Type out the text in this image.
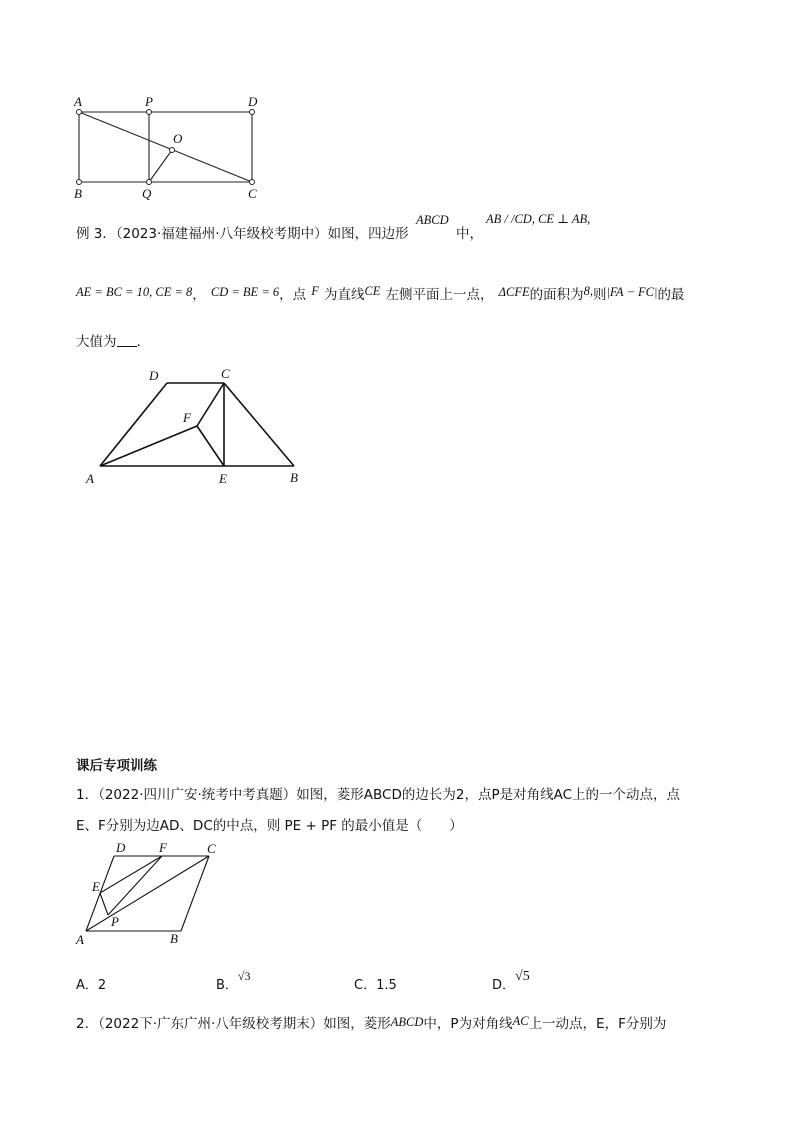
A	P	D
O
B	Q	C
例 3．（2023·福建福州·八年级校考期中）如图，四边形
ABCD
中，
AB / /CD, CE ⊥ AB,
AE = BC = 10, CE = 8， CD = BE = 6，点 $^F$ 为直线$^{CE}$ 左侧平面上一点， ΔCFE的面积为$^{8,}$则|FA − FC|的最
大值为 .
D	C
F
A	E	B
课后专项训练
1．（2022·四川广安·统考中考真题）如图，菱形ABCD的边长为2，点P是对角线AC上的一个动点，点
E、F分别为边AD、DC的中点，则 PE + PF 的最小值是（　　）
D	F	C
E
P
A	B
A．2	B．√3
C．1.5	D．√5
2．（2022下·广东广州·八年级校考期末）如图，菱形ABCD中，P为对角线AC上一动点，E，F分别为
